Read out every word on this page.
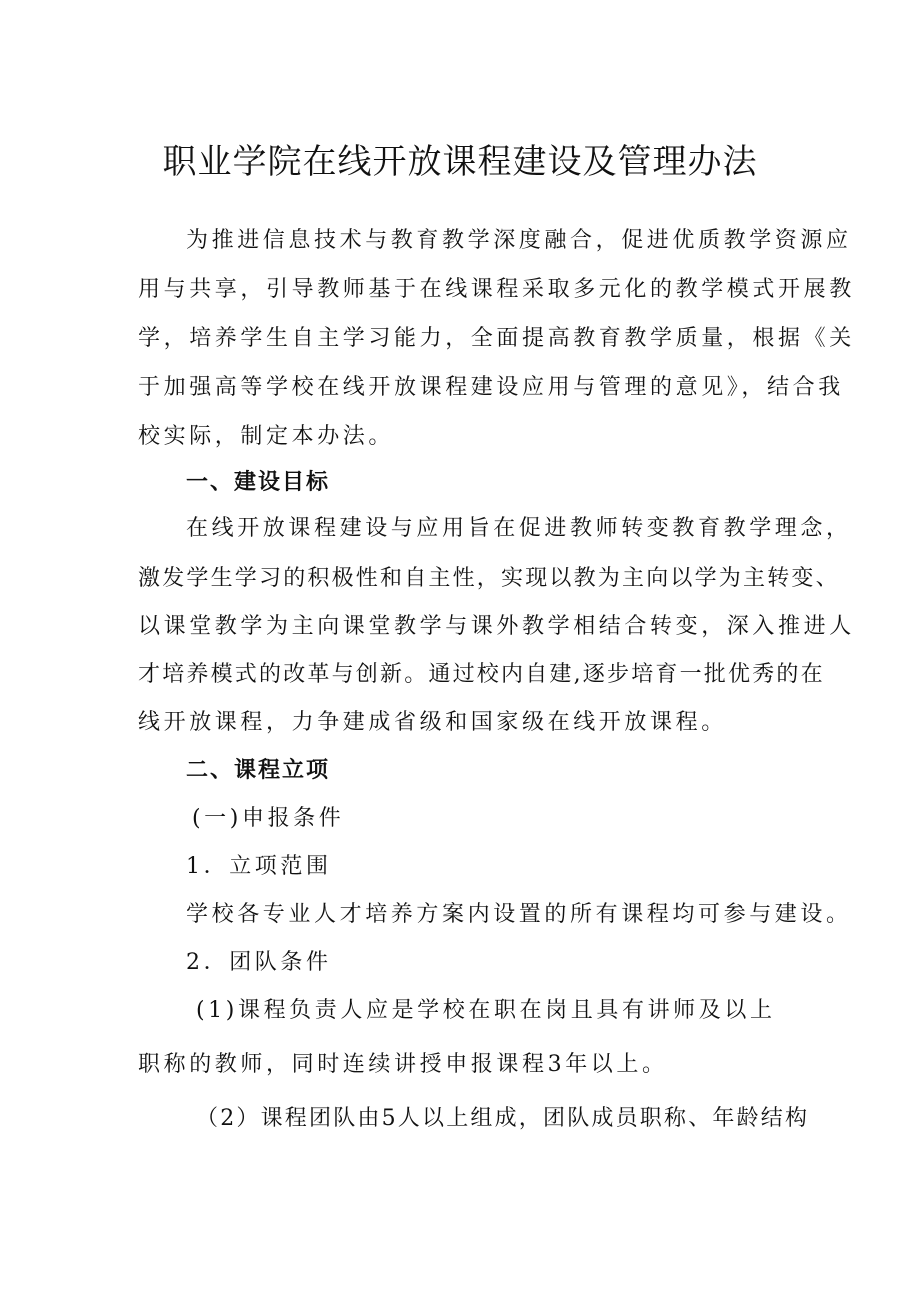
职业学院在线开放课程建设及管理办法

为推进信息技术与教育教学深度融合，促进优质教学资源应

用与共享，引导教师基于在线课程采取多元化的教学模式开展教

学，培养学生自主学习能力，全面提高教育教学质量，根据《关

于加强高等学校在线开放课程建设应用与管理的意见》，结合我

校实际，制定本办法。

一、建设目标

在线开放课程建设与应用旨在促进教师转变教育教学理念，

激发学生学习的积极性和自主性，实现以教为主向以学为主转变、

以课堂教学为主向课堂教学与课外教学相结合转变，深入推进人

才培养模式的改革与创新。通过校内自建,逐步培育一批优秀的在

线开放课程，力争建成省级和国家级在线开放课程。

二、课程立项

(一)申报条件

1．立项范围

学校各专业人才培养方案内设置的所有课程均可参与建设。

2．团队条件

(1)课程负责人应是学校在职在岗且具有讲师及以上

职称的教师，同时连续讲授申报课程3年以上。

（2）课程团队由5人以上组成，团队成员职称、年龄结构
